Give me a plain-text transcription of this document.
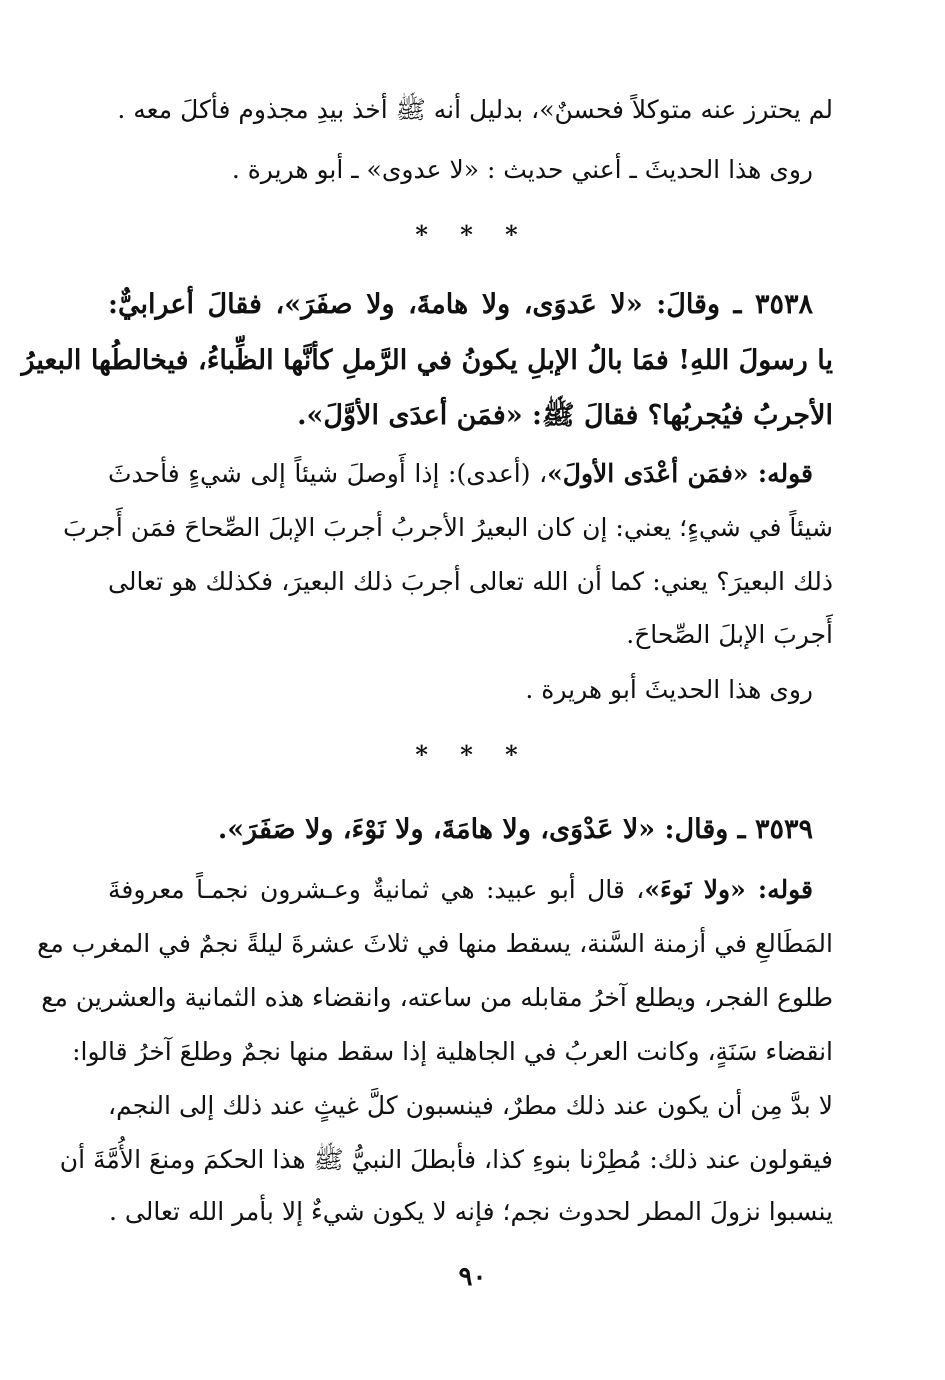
لم يحترز عنه متوكلاً فحسنٌ»، بدليل أنه ﷺ أخذ بيدِ مجذوم فأكلَ معه .
روى هذا الحديثَ ـ أعني حديث : «لا عدوى» ـ أبو هريرة .
* * *
٣٥٣٨ ـ وقالَ: «لا عَدوَى، ولا هامةَ، ولا صفَرَ»، فقالَ أعرابيٌّ:
يا رسولَ اللهِ! فمَا بالُ الإبلِ يكونُ في الرَّملِ كأنَّها الظِّباءُ، فيخالطُها البعيرُ
الأجربُ فيُجربُها؟ فقالَ ﷺ: «فمَن أعدَى الأوَّلَ».
قوله: «فمَن أعْدَى الأولَ»، (أعدى): إذا أَوصلَ شيئاً إلى شيءٍ فأحدثَ
شيئاً في شيءٍ؛ يعني: إن كان البعيرُ الأجربُ أجربَ الإبلَ الصِّحاحَ فمَن أَجربَ
ذلك البعيرَ؟ يعني: كما أن الله تعالى أجربَ ذلك البعيرَ، فكذلك هو تعالى
أَجربَ الإبلَ الصِّحاحَ.
روى هذا الحديثَ أبو هريرة .
* * *
٣٥٣٩ ـ وقال: «لا عَدْوَى، ولا هامَةَ، ولا نَوْءَ، ولا صَفَرَ».
قوله: «ولا نَوءَ»، قال أبو عبيد: هي ثمانيةٌ وعـشرون نجمـاً معروفةَ
المَطَالعِ في أزمنة السَّنة، يسقط منها في ثلاثَ عشرةَ ليلةً نجمٌ في المغرب مع
طلوع الفجر، ويطلع آخرُ مقابله من ساعته، وانقضاء هذه الثمانية والعشرين مع
انقضاء سَنَةٍ، وكانت العربُ في الجاهلية إذا سقط منها نجمٌ وطلعَ آخرُ قالوا:
لا بدَّ مِن أن يكون عند ذلك مطرٌ، فينسبون كلَّ غيثٍ عند ذلك إلى النجم،
فيقولون عند ذلك: مُطِرْنا بنوءِ كذا، فأبطلَ النبيُّ ﷺ هذا الحكمَ ومنعَ الأُمَّةَ أن
ينسبوا نزولَ المطر لحدوث نجم؛ فإنه لا يكون شيءٌ إلا بأمر الله تعالى .
٩٠
